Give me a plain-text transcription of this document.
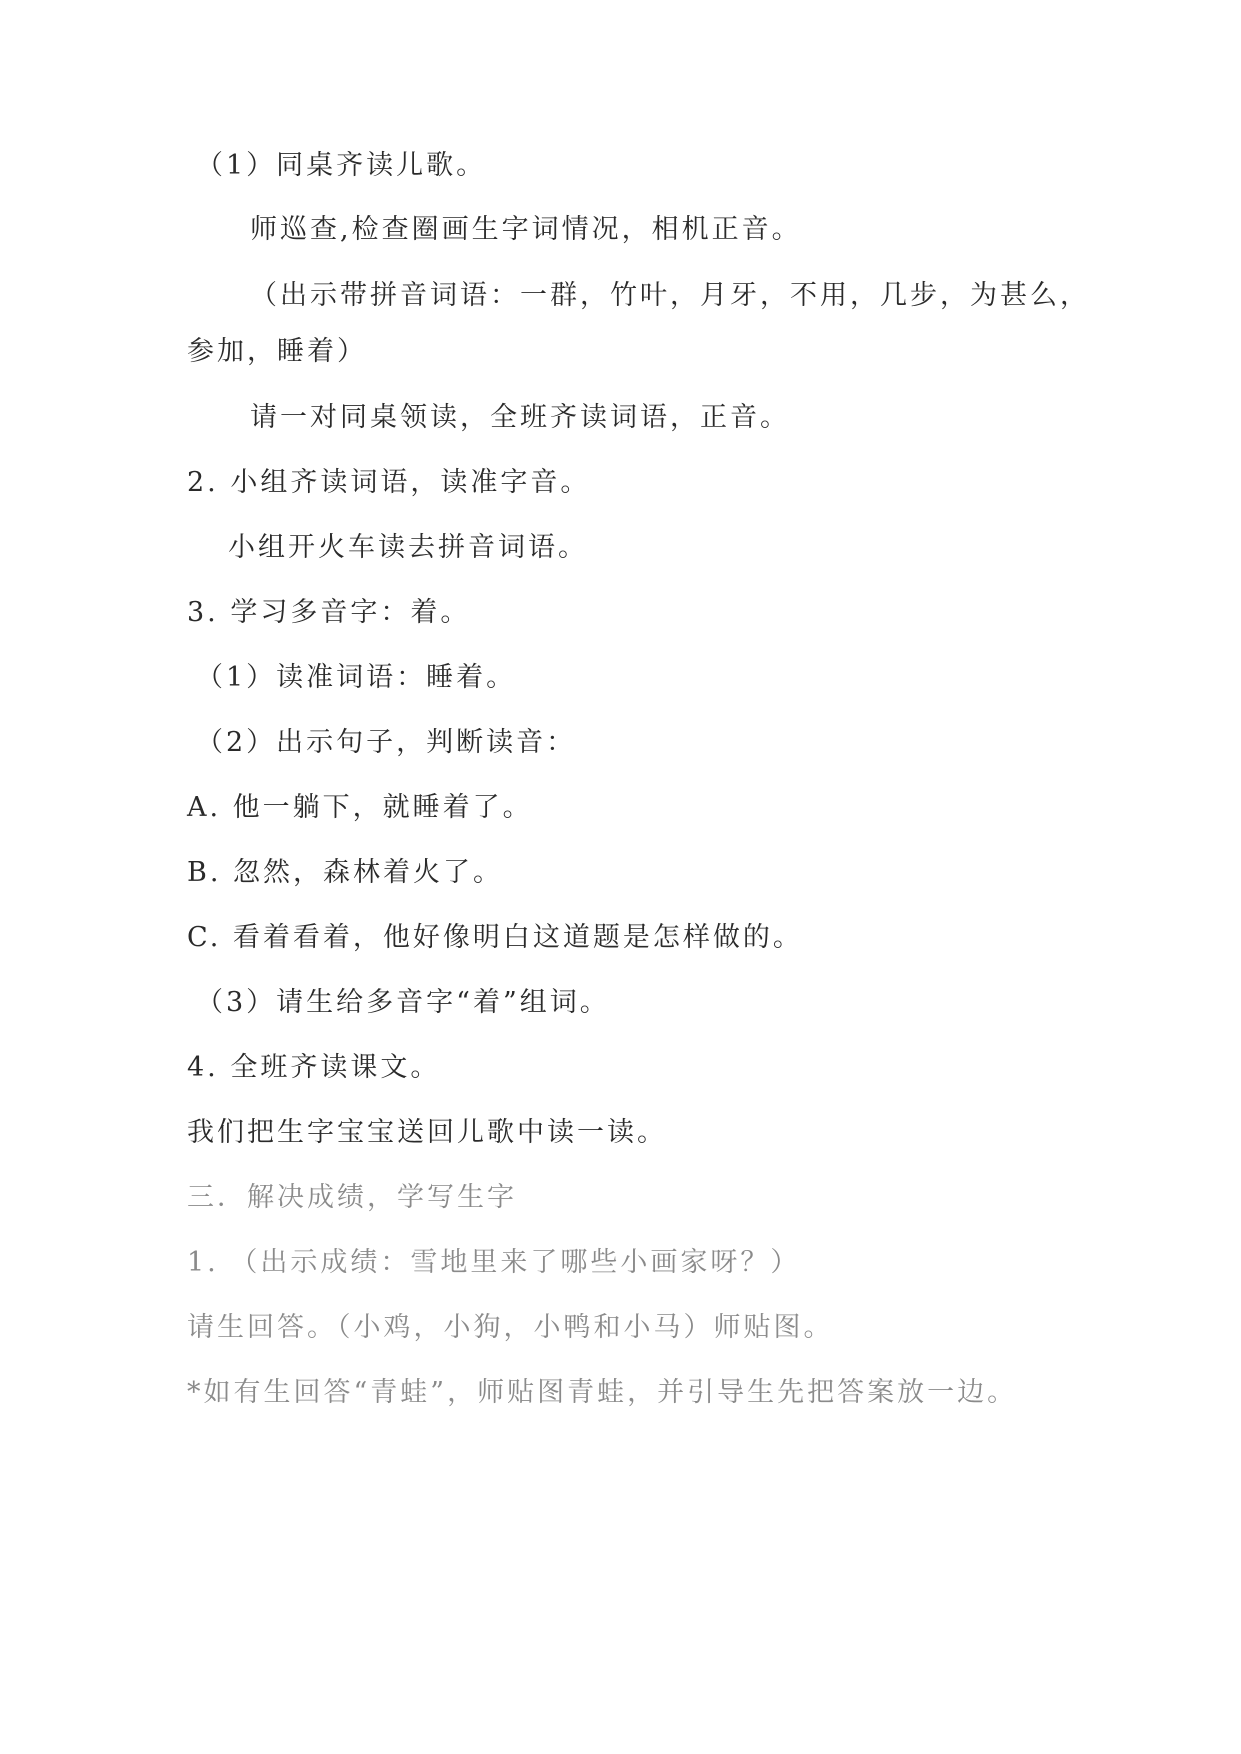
（1）同桌齐读儿歌。
师巡查,检查圈画生字词情况，相机正音。
（出示带拼音词语：一群，竹叶，月牙，不用，几步，为甚么，
参加，睡着）
请一对同桌领读，全班齐读词语，正音。
2. 小组齐读词语，读准字音。
小组开火车读去拼音词语。
3. 学习多音字：着。
（1）读准词语：睡着。
（2）出示句子，判断读音：
A. 他一躺下，就睡着了。
B. 忽然，森林着火了。
C. 看着看着，他好像明白这道题是怎样做的。
（3）请生给多音字“着”组词。
4. 全班齐读课文。
我们把生字宝宝送回儿歌中读一读。
三．解决成绩，学写生字
1. （出示成绩：雪地里来了哪些小画家呀？）
请生回答。（小鸡，小狗，小鸭和小马）师贴图。
*如有生回答“青蛙”，师贴图青蛙，并引导生先把答案放一边。
